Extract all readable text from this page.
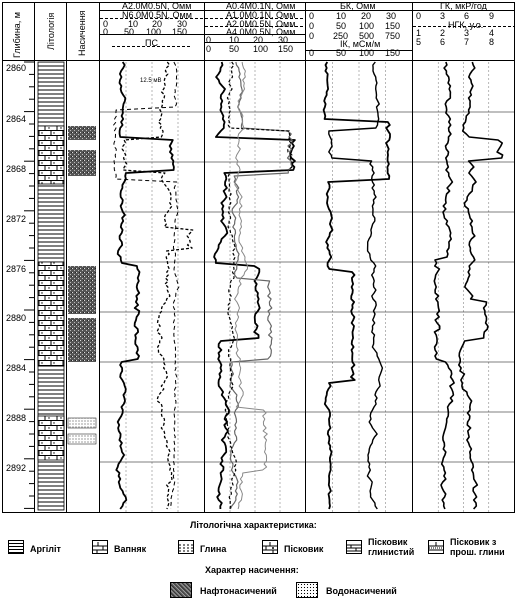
Глибина, м	Літологія Насичення
A2.0M0.5N, Омм
N6.0M0.5N, Омм
0 10 20 30
0 50 100 150
ПС
12.5 мВ
A0.4M0.1N, Омм
A1.0M0.1N, Омм
A2.0M0.5N, Омм
A4.0M0.5N, Омм
0 10 20 30
0 50 100 150
БК, Омм
0 10 20 30
0 50 100 150
0 250 500 750
ІК, мСм/м
0 50 100 150
ГК, мкР/год
0 3 6 9
НГК, у.о.
1 2 3 4
5 6 7 8
2860
2864
2868
2872
2876
2880
2884
2888
2892
Літологічна характеристика:
Аргіліт	Вапняк	Глина	Пісковик
Пісковик глинистий
Пісковик з прош. глини
Характер насичення:
Нафтонасичений	Водонасичений
